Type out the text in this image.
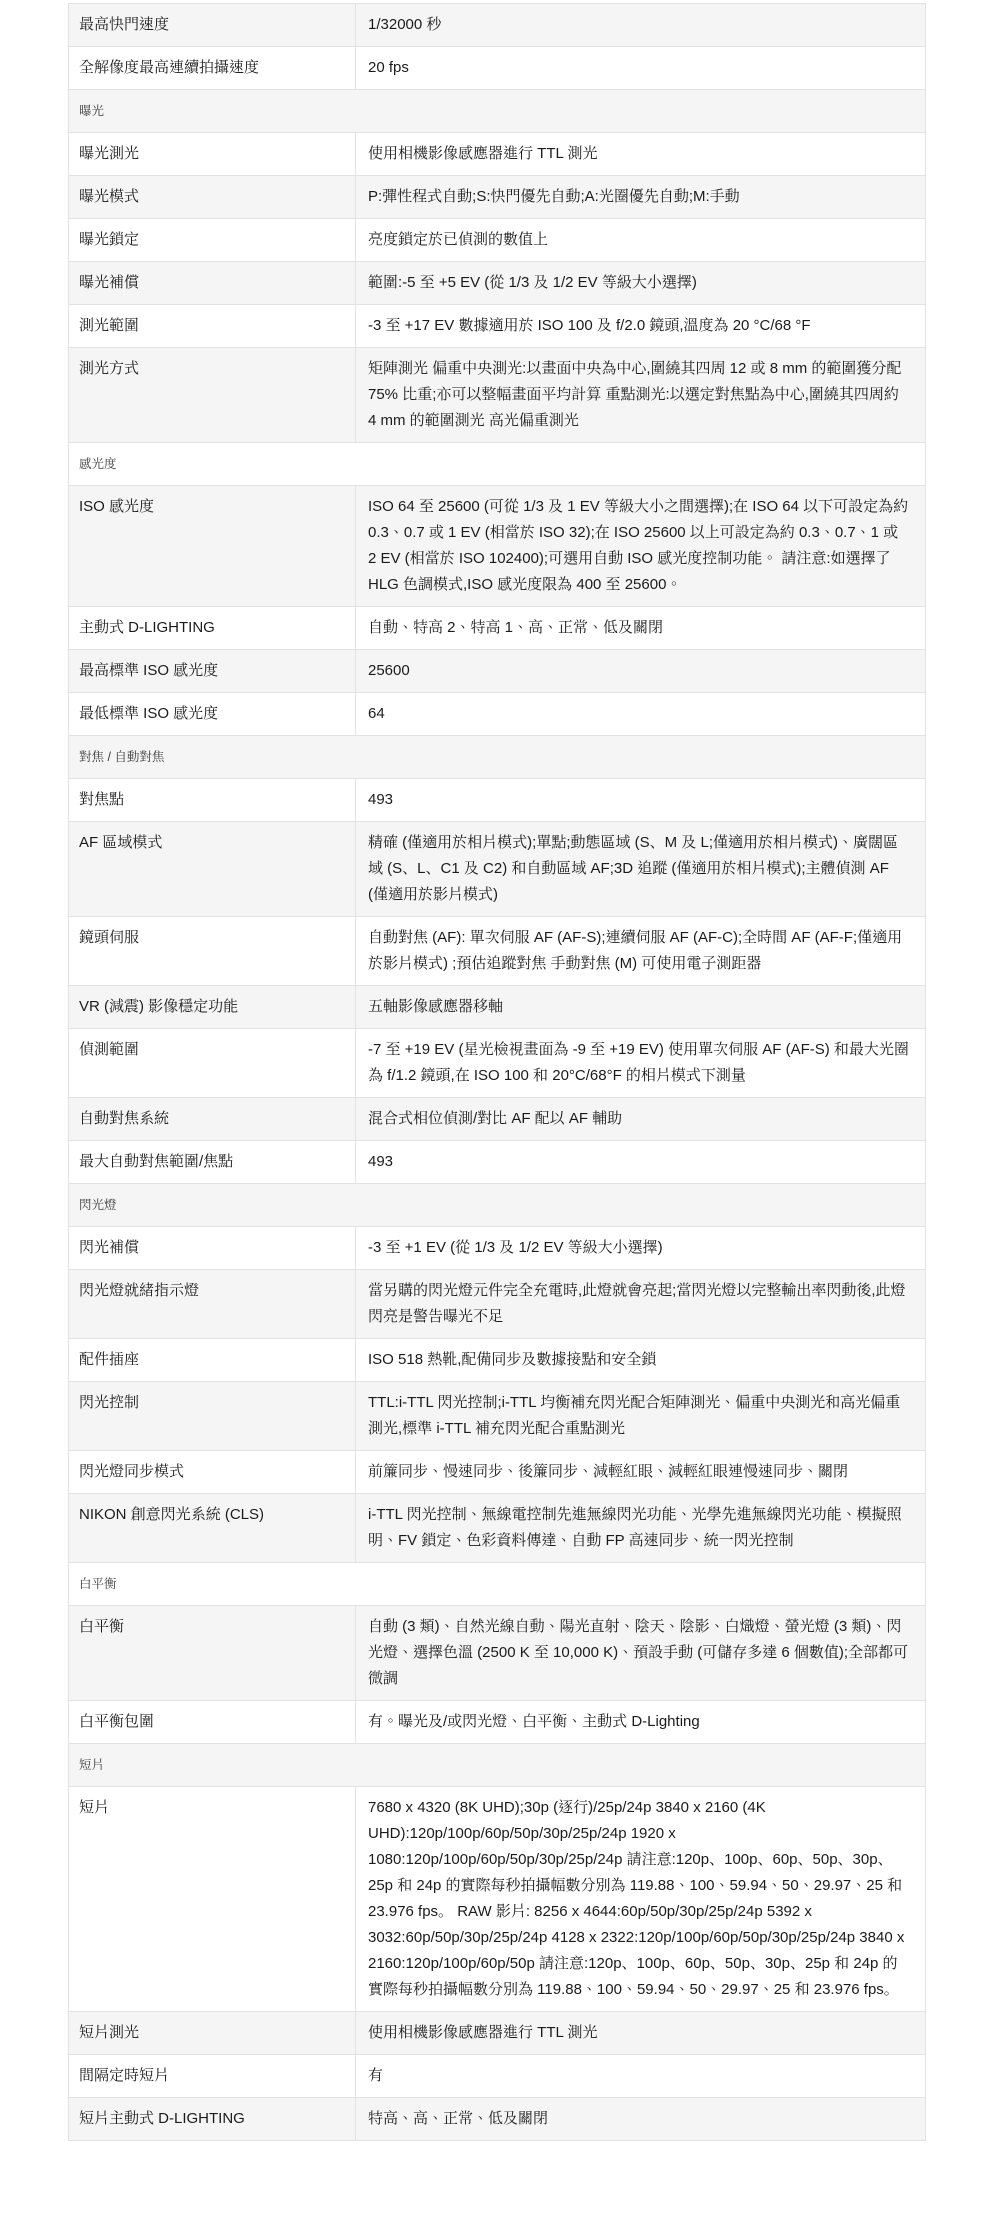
最高快門速度	1/32000 秒
全解像度最高連續拍攝速度	20 fps
曝光	
曝光測光	使用相機影像感應器進行 TTL 測光
曝光模式	P:彈性程式自動;S:快門優先自動;A:光圈優先自動;M:手動
曝光鎖定	亮度鎖定於已偵測的數值上
曝光補償	範圍:-5 至 +5 EV (從 1/3 及 1/2 EV 等級大小選擇)
測光範圍	-3 至 +17 EV 數據適用於 ISO 100 及 f/2.0 鏡頭,溫度為 20 °C/68 °F
測光方式	矩陣測光 偏重中央測光:以畫面中央為中心,圍繞其四周 12 或 8 mm 的範圍獲分配 75% 比重;亦可以整幅畫面平均計算 重點測光:以選定對焦點為中心,圍繞其四周約 4 mm 的範圍測光 高光偏重測光
感光度	
ISO 感光度	ISO 64 至 25600 (可從 1/3 及 1 EV 等級大小之間選擇);在 ISO 64 以下可設定為約 0.3、0.7 或 1 EV (相當於 ISO 32);在 ISO 25600 以上可設定為約 0.3、0.7、1 或 2 EV (相當於 ISO 102400);可選用自動 ISO 感光度控制功能。 請注意:如選擇了 HLG 色調模式,ISO 感光度限為 400 至 25600。
主動式 D-LIGHTING	自動、特高 2、特高 1、高、正常、低及關閉
最高標準 ISO 感光度	25600
最低標準 ISO 感光度	64
對焦 / 自動對焦	
對焦點	493
AF 區域模式	精確 (僅適用於相片模式);單點;動態區域 (S、M 及 L;僅適用於相片模式)、廣闊區域 (S、L、C1 及 C2) 和自動區域 AF;3D 追蹤 (僅適用於相片模式);主體偵測 AF (僅適用於影片模式)
鏡頭伺服	自動對焦 (AF): 單次伺服 AF (AF-S);連續伺服 AF (AF-C);全時間 AF (AF-F;僅適用於影片模式) ;預估追蹤對焦 手動對焦 (M) 可使用電子測距器
VR (減震) 影像穩定功能	五軸影像感應器移軸
偵測範圍	-7 至 +19 EV (星光檢視畫面為 -9 至 +19 EV) 使用單次伺服 AF (AF-S) 和最大光圈為 f/1.2 鏡頭,在 ISO 100 和 20°C/68°F 的相片模式下測量
自動對焦系統	混合式相位偵測/對比 AF 配以 AF 輔助
最大自動對焦範圍/焦點	493
閃光燈	
閃光補償	-3 至 +1 EV (從 1/3 及 1/2 EV 等級大小選擇)
閃光燈就緒指示燈	當另購的閃光燈元件完全充電時,此燈就會亮起;當閃光燈以完整輸出率閃動後,此燈閃亮是警告曝光不足
配件插座	ISO 518 熱靴,配備同步及數據接點和安全鎖
閃光控制	TTL:i-TTL 閃光控制;i-TTL 均衡補充閃光配合矩陣測光、偏重中央測光和高光偏重測光,標準 i-TTL 補充閃光配合重點測光
閃光燈同步模式	前簾同步、慢速同步、後簾同步、減輕紅眼、減輕紅眼連慢速同步、關閉
NIKON 創意閃光系統 (CLS)	i-TTL 閃光控制、無線電控制先進無線閃光功能、光學先進無線閃光功能、模擬照明、FV 鎖定、色彩資料傳達、自動 FP 高速同步、統一閃光控制
白平衡	
白平衡	自動 (3 類)、自然光線自動、陽光直射、陰天、陰影、白熾燈、螢光燈 (3 類)、閃光燈、選擇色溫 (2500 K 至 10,000 K)、預設手動 (可儲存多達 6 個數值);全部都可微調
白平衡包圍	有。曝光及/或閃光燈、白平衡、主動式 D-Lighting
短片	
短片	7680 x 4320 (8K UHD);30p (逐行)/25p/24p 3840 x 2160 (4K UHD):120p/100p/60p/50p/30p/25p/24p 1920 x 1080:120p/100p/60p/50p/30p/25p/24p 請注意:120p、100p、60p、50p、30p、25p 和 24p 的實際每秒拍攝幅數分別為 119.88、100、59.94、50、29.97、25 和 23.976 fps。 RAW 影片: 8256 x 4644:60p/50p/30p/25p/24p 5392 x 3032:60p/50p/30p/25p/24p 4128 x 2322:120p/100p/60p/50p/30p/25p/24p 3840 x 2160:120p/100p/60p/50p 請注意:120p、100p、60p、50p、30p、25p 和 24p 的實際每秒拍攝幅數分別為 119.88、100、59.94、50、29.97、25 和 23.976 fps。
短片測光	使用相機影像感應器進行 TTL 測光
間隔定時短片	有
短片主動式 D-LIGHTING	特高、高、正常、低及關閉
